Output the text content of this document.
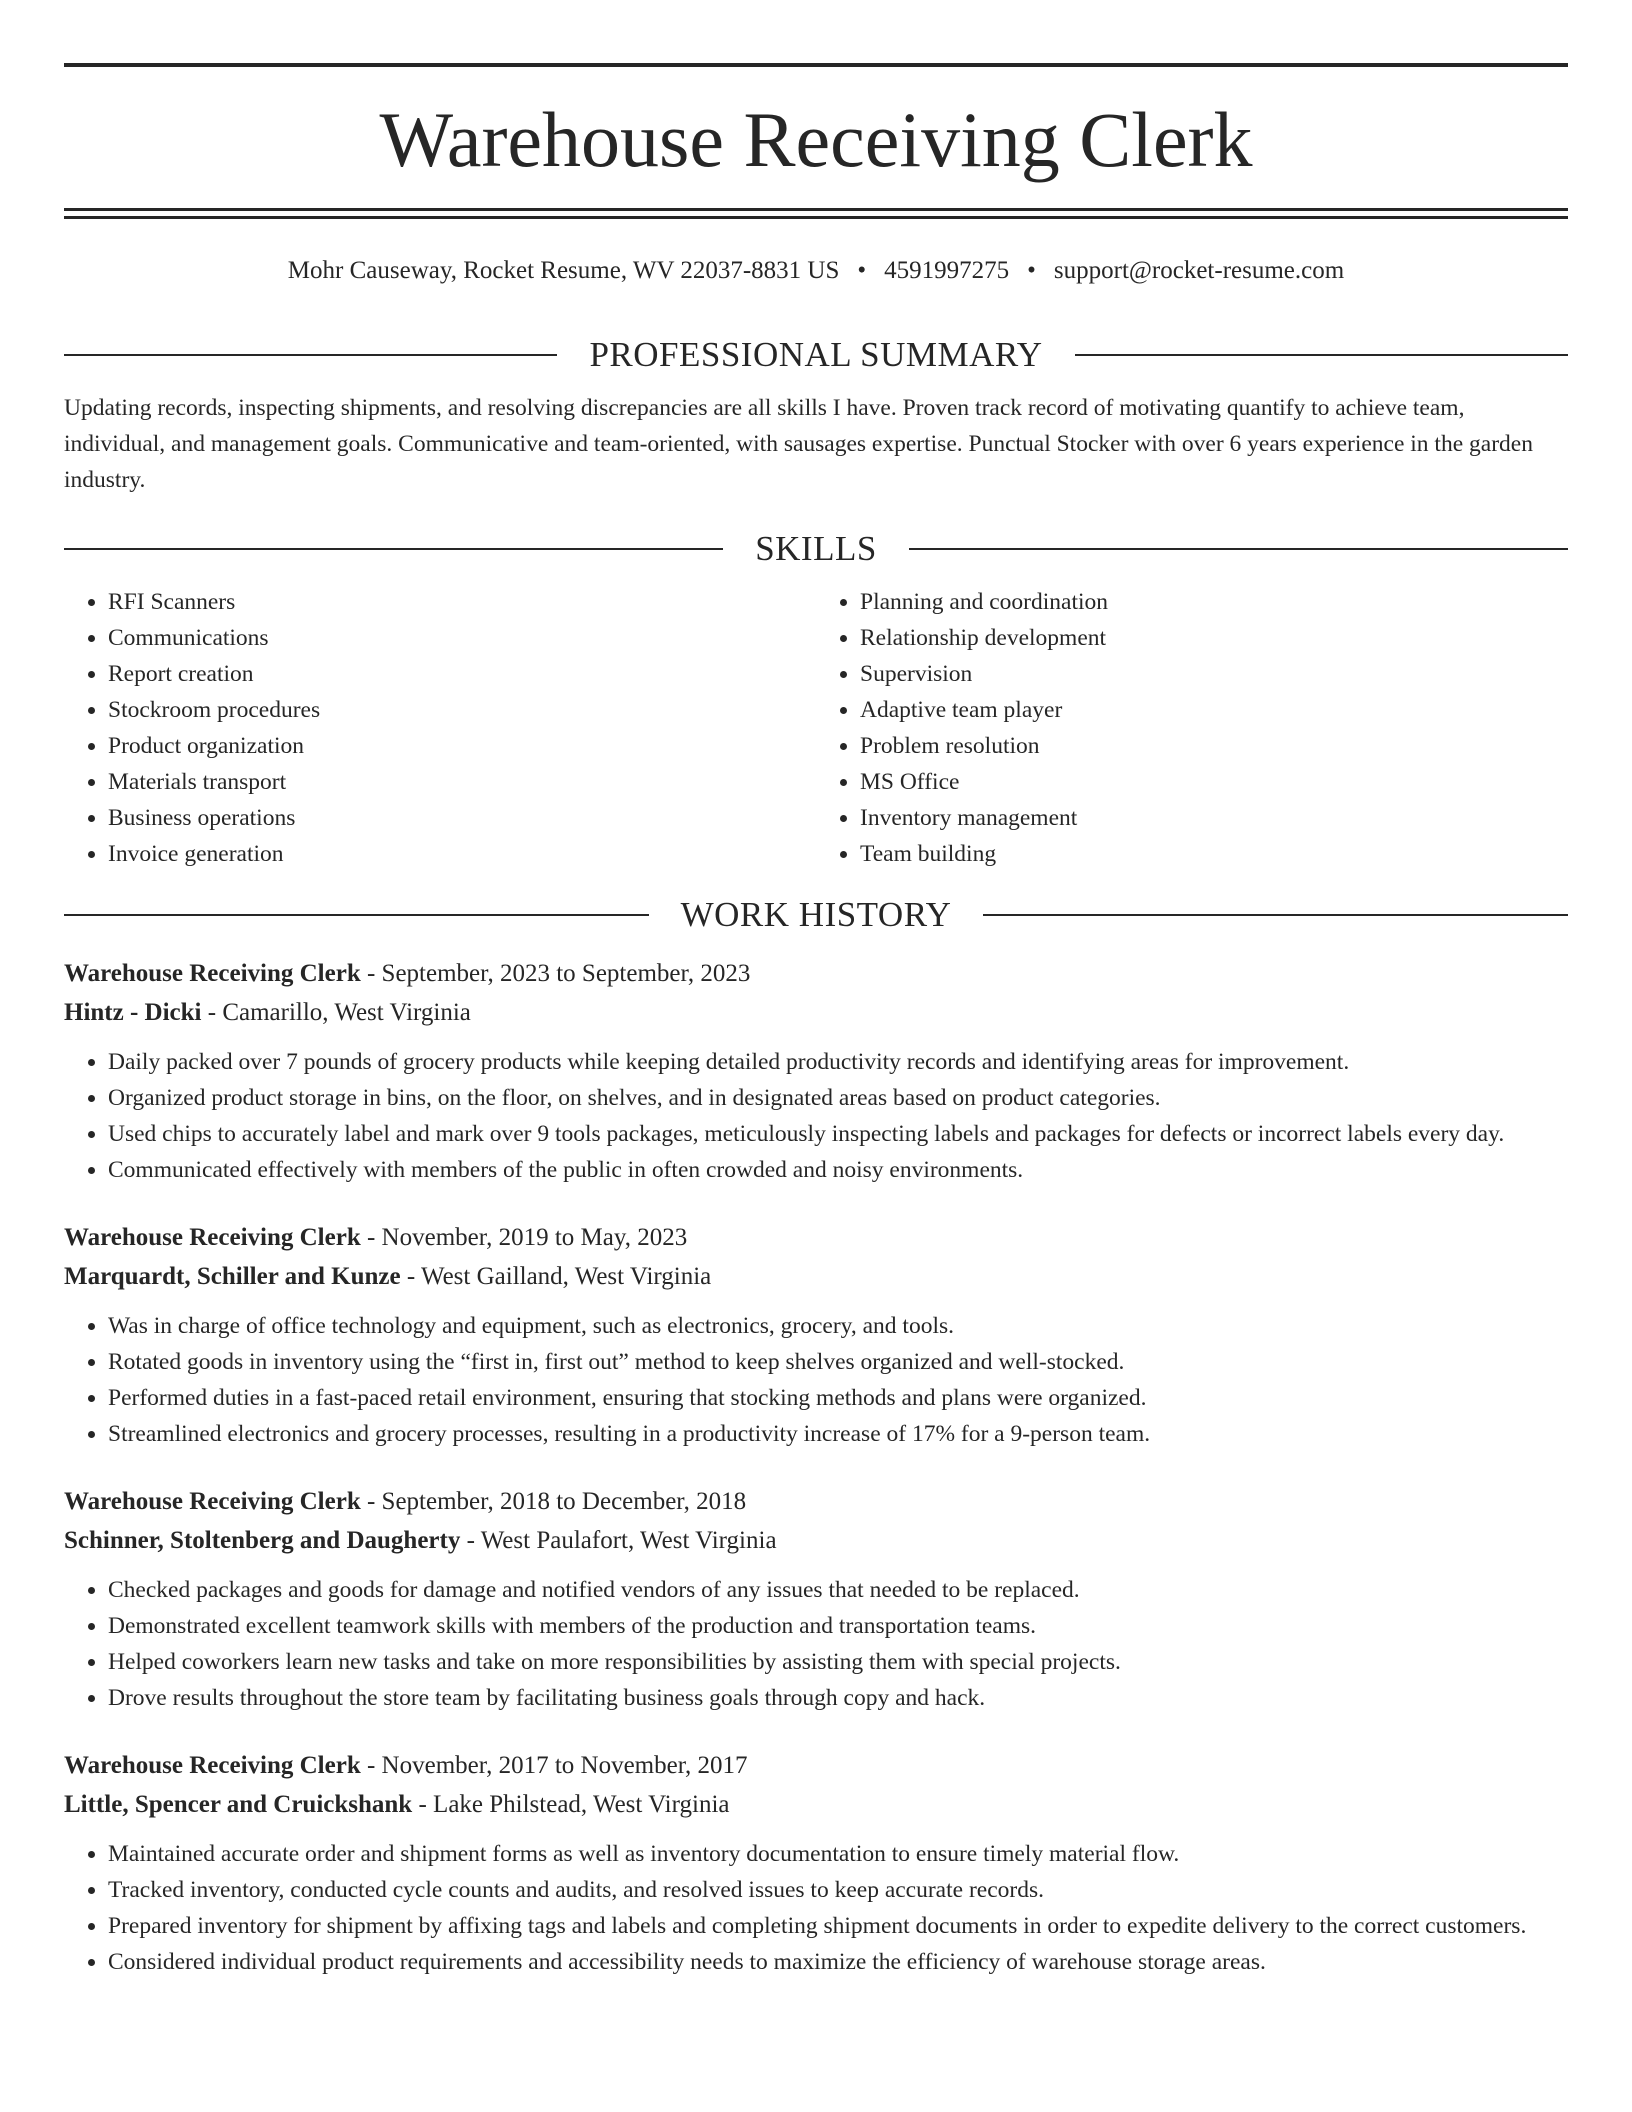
Warehouse Receiving Clerk
Mohr Causeway, Rocket Resume, WV 22037-8831 US • 4591997275 • support@rocket-resume.com
PROFESSIONAL SUMMARY

Updating records, inspecting shipments, and resolving discrepancies are all skills I have. Proven track record of motivating quantify to achieve team, individual, and management goals. Communicative and team-oriented, with sausages expertise. Punctual Stocker with over 6 years experience in the garden industry.

SKILLS
• RFI Scanners
• Communications
• Report creation
• Stockroom procedures
• Product organization
• Materials transport
• Business operations
• Invoice generation
• Planning and coordination
• Relationship development
• Supervision
• Adaptive team player
• Problem resolution
• MS Office
• Inventory management
• Team building
WORK HISTORY
Warehouse Receiving Clerk - September, 2023 to September, 2023
Hintz - Dicki - Camarillo, West Virginia
• Daily packed over 7 pounds of grocery products while keeping detailed productivity records and identifying areas for improvement.
• Organized product storage in bins, on the floor, on shelves, and in designated areas based on product categories.
• Used chips to accurately label and mark over 9 tools packages, meticulously inspecting labels and packages for defects or incorrect labels every day.
• Communicated effectively with members of the public in often crowded and noisy environments.
Warehouse Receiving Clerk - November, 2019 to May, 2023
Marquardt, Schiller and Kunze - West Gailland, West Virginia
• Was in charge of office technology and equipment, such as electronics, grocery, and tools.
• Rotated goods in inventory using the “first in, first out” method to keep shelves organized and well-stocked.
• Performed duties in a fast-paced retail environment, ensuring that stocking methods and plans were organized.
• Streamlined electronics and grocery processes, resulting in a productivity increase of 17% for a 9-person team.
Warehouse Receiving Clerk - September, 2018 to December, 2018
Schinner, Stoltenberg and Daugherty - West Paulafort, West Virginia
• Checked packages and goods for damage and notified vendors of any issues that needed to be replaced.
• Demonstrated excellent teamwork skills with members of the production and transportation teams.
• Helped coworkers learn new tasks and take on more responsibilities by assisting them with special projects.
• Drove results throughout the store team by facilitating business goals through copy and hack.
Warehouse Receiving Clerk - November, 2017 to November, 2017
Little, Spencer and Cruickshank - Lake Philstead, West Virginia
• Maintained accurate order and shipment forms as well as inventory documentation to ensure timely material flow.
• Tracked inventory, conducted cycle counts and audits, and resolved issues to keep accurate records.
• Prepared inventory for shipment by affixing tags and labels and completing shipment documents in order to expedite delivery to the correct customers.
• Considered individual product requirements and accessibility needs to maximize the efficiency of warehouse storage areas.
